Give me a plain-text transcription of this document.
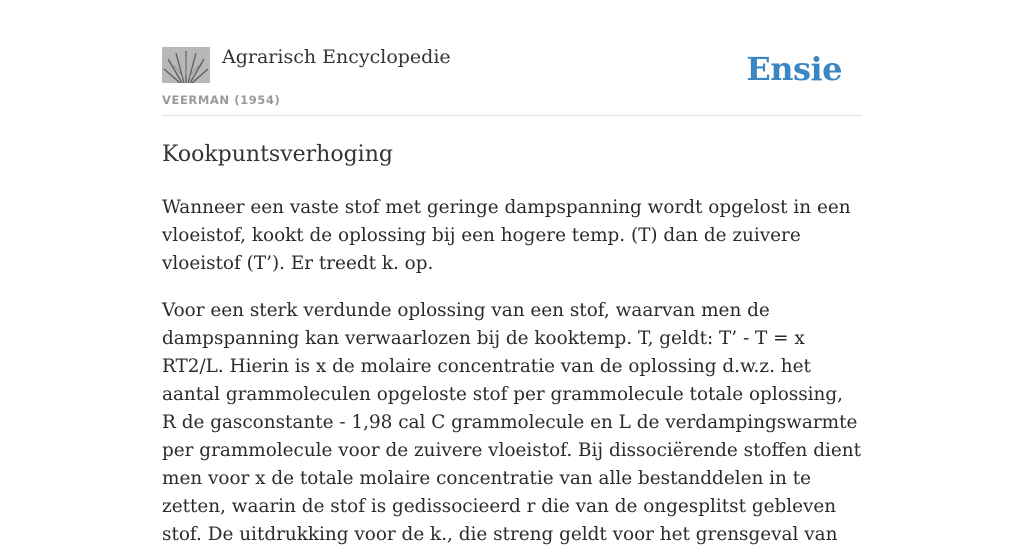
Agrarisch Encyclopedie
VEERMAN (1954)
Ensie
Kookpuntsverhoging

Wanneer een vaste stof met geringe dampspanning wordt opgelost in een vloeistof, kookt de oplossing bij een hogere temp. (T) dan de zuivere vloeistof (T’). Er treedt k. op.

Voor een sterk verdunde oplossing van een stof, waarvan men de dampspanning kan verwaarlozen bij de kooktemp. T, geldt: T’ - T = x RT2/L. Hierin is x de molaire concentratie van de oplossing d.w.z. het aantal grammoleculen opgeloste stof per grammolecule totale oplossing, R de gasconstante - 1,98 cal C grammolecule en L de verdampingswarmte per grammolecule voor de zuivere vloeistof. Bij dissociërende stoffen dient men voor x de totale molaire concentratie van alle bestanddelen in te zetten, waarin de stof is gedissocieerd r die van de ongesplitst gebleven stof. De uitdrukking voor de k., die streng geldt voor het grensgeval van
